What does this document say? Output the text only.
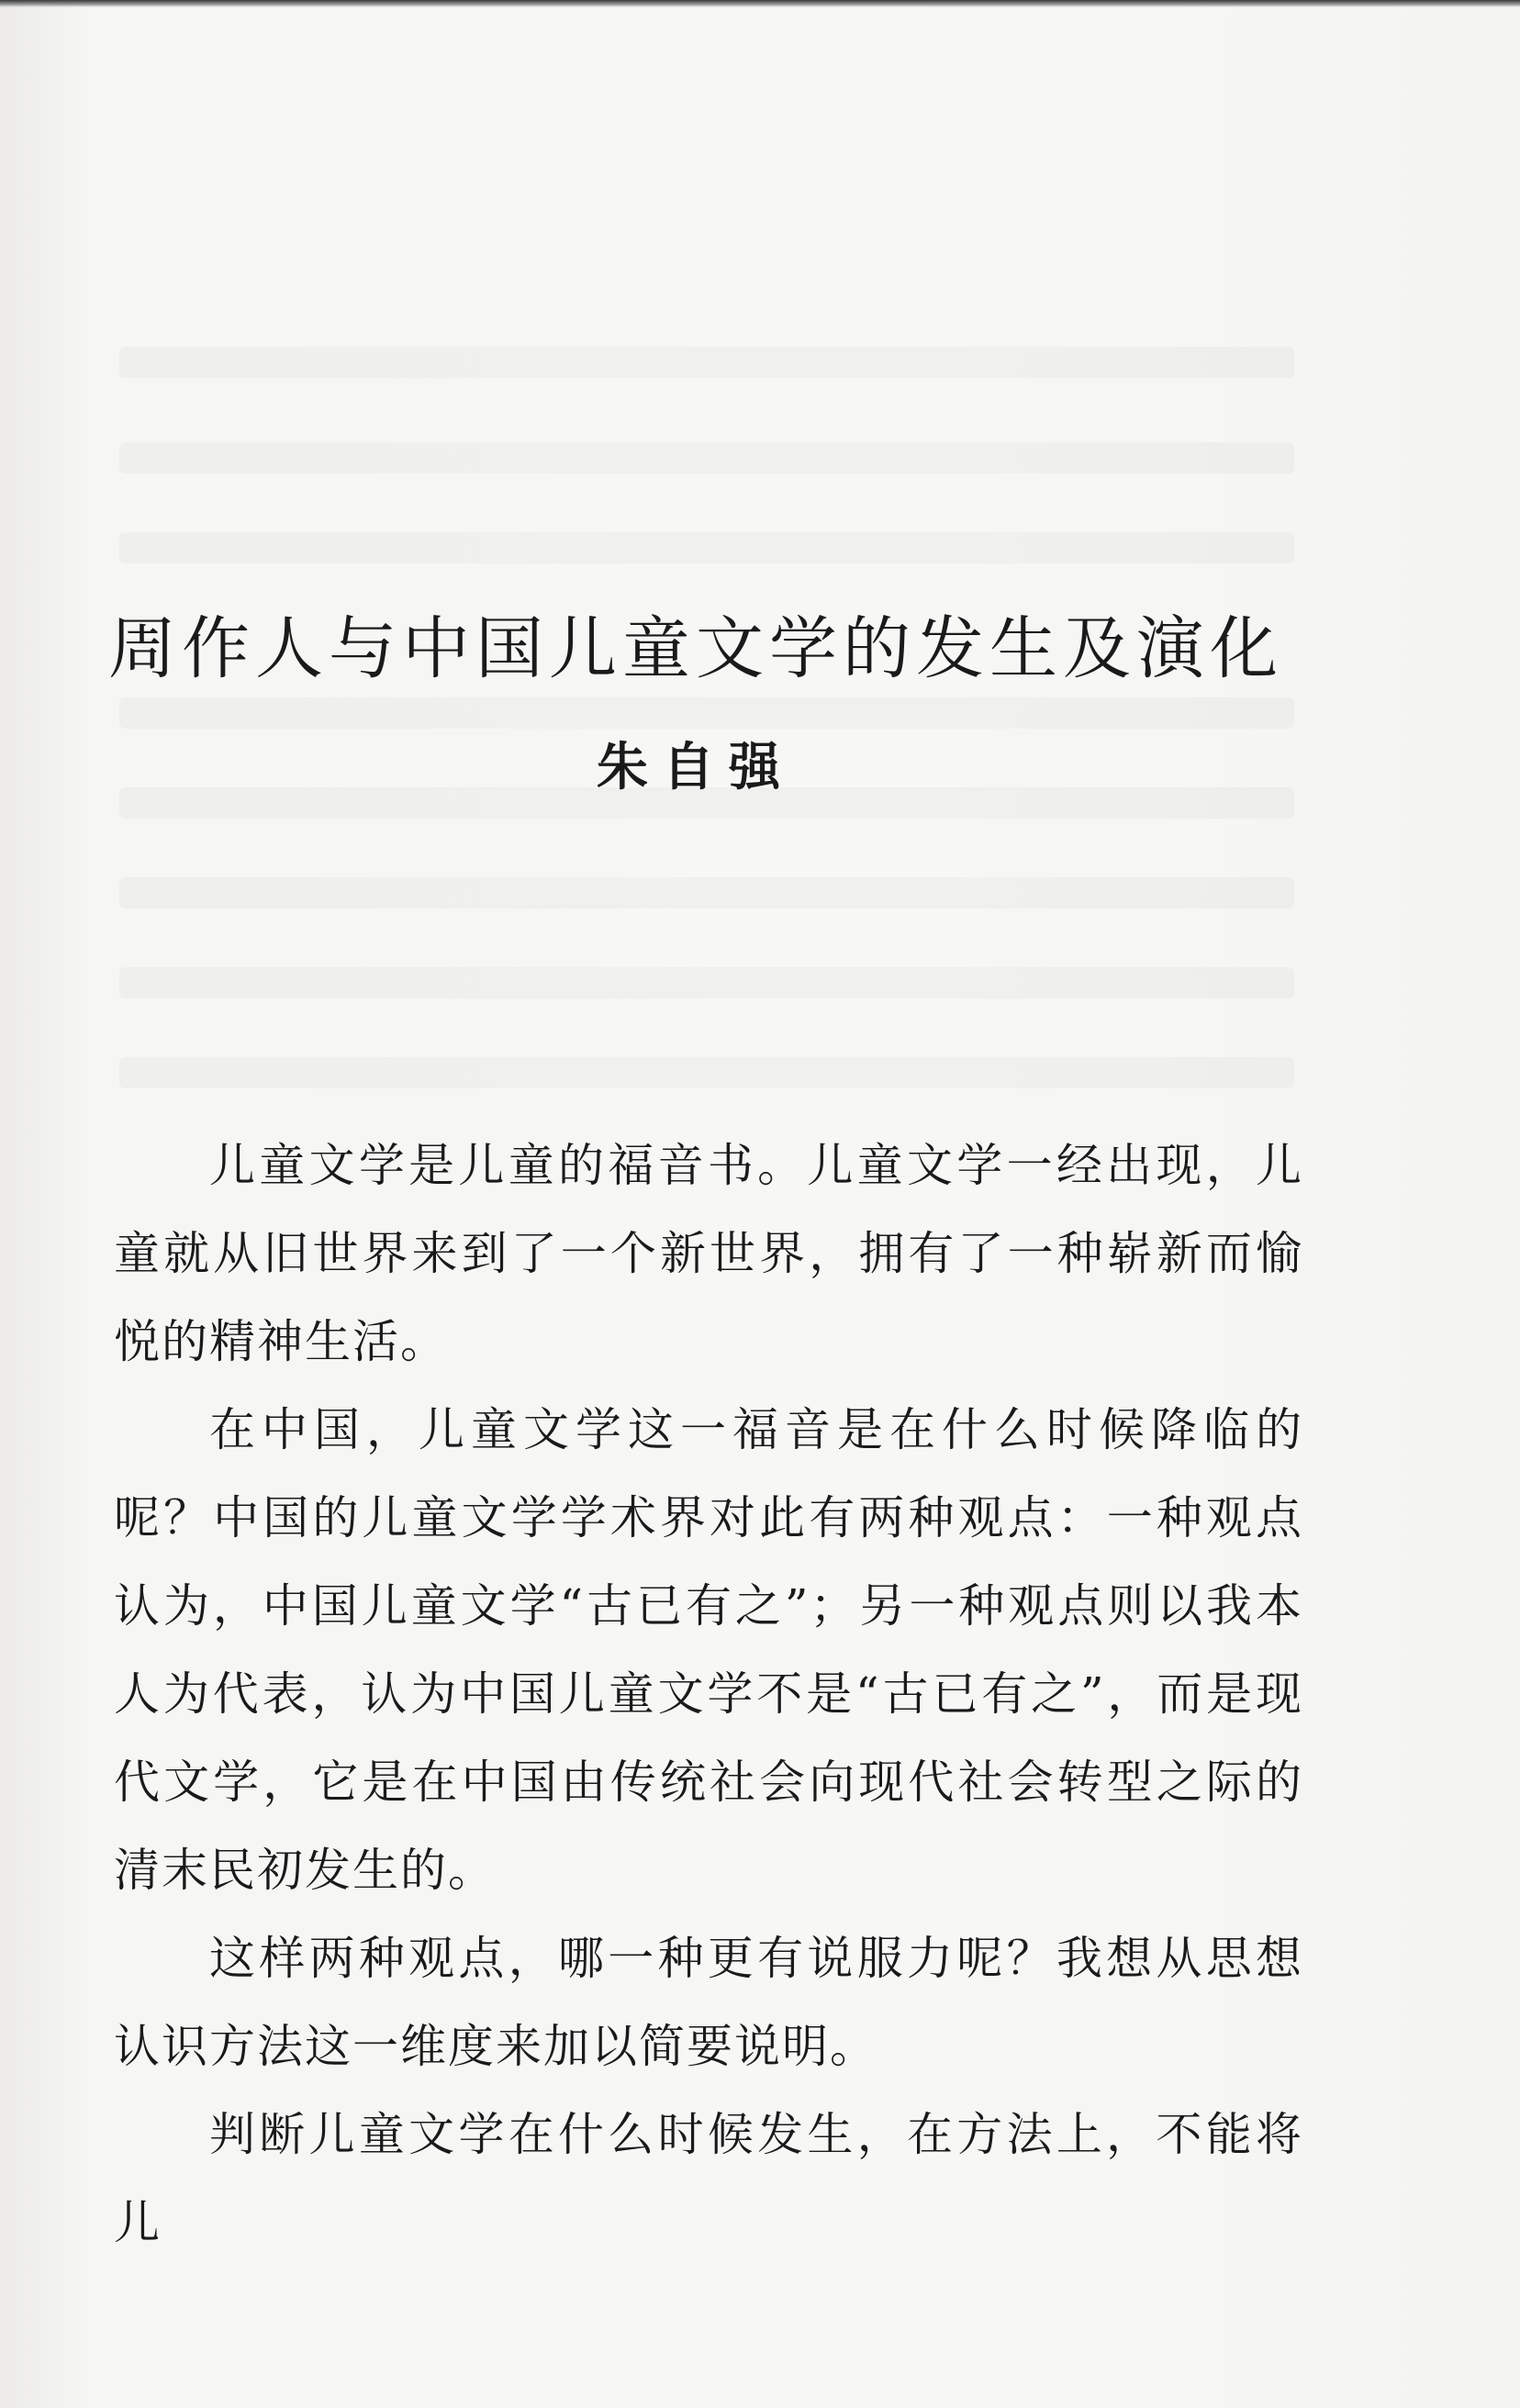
周作人与中国儿童文学的发生及演化
朱自强

儿童文学是儿童的福音书。儿童文学一经出现，儿童就从旧世界来到了一个新世界，拥有了一种崭新而愉悦的精神生活。

在中国，儿童文学这一福音是在什么时候降临的呢？中国的儿童文学学术界对此有两种观点：一种观点认为，中国儿童文学“古已有之”；另一种观点则以我本人为代表，认为中国儿童文学不是“古已有之”，而是现代文学，它是在中国由传统社会向现代社会转型之际的清末民初发生的。

这样两种观点，哪一种更有说服力呢？我想从思想认识方法这一维度来加以简要说明。

判断儿童文学在什么时候发生，在方法上，不能将儿
